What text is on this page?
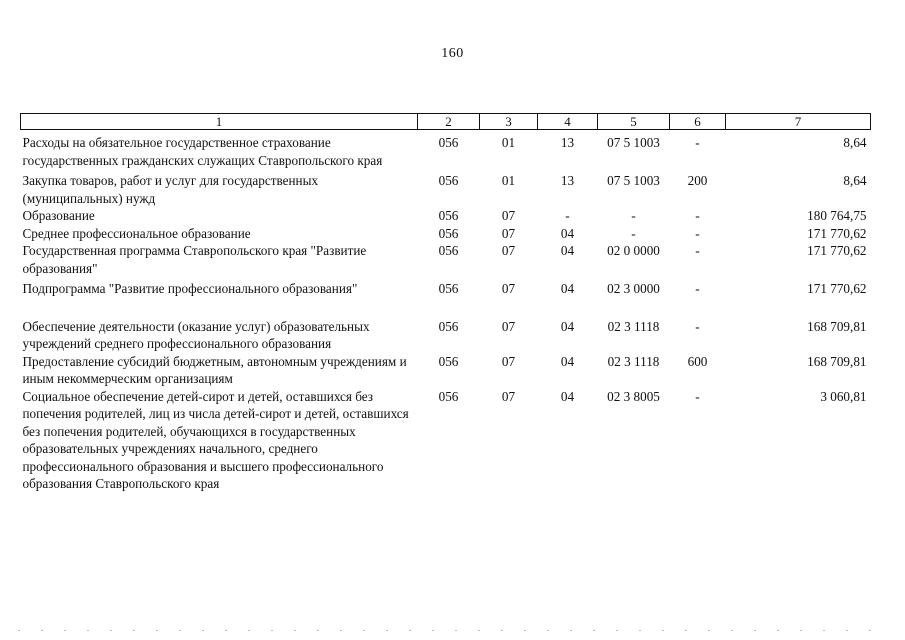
160
1	2	3	4	5	6	7
Расходы на обязательное государственное страхование государственных гражданских служащих Ставропольского края	056	01	13	07 5 1003	-	8,64
Закупка товаров, работ и услуг для государственных (муниципальных) нужд	056	01	13	07 5 1003	200	8,64
Образование	056	07	-	-	-	180 764,75
Среднее профессиональное образование	056	07	04	-	-	171 770,62
Государственная программа Ставропольского края "Развитие образования"	056	07	04	02 0 0000	-	171 770,62
Подпрограмма "Развитие профессионального образования"	056	07	04	02 3 0000	-	171 770,62
Обеспечение деятельности (оказание услуг) образовательных учреждений среднего профессионального образования	056	07	04	02 3 1118	-	168 709,81
Предоставление субсидий бюджетным, автономным учреждениям и иным некоммерческим организациям	056	07	04	02 3 1118	600	168 709,81
Социальное обеспечение детей-сирот и детей, оставшихся без попечения родителей, лиц из числа детей-сирот и детей, оставшихся без попечения родителей, обучающихся в государственных образовательных учреждениях начального, среднего профессионального образования и высшего профессионального образования Ставропольского края	056	07	04	02 3 8005	-	3 060,81
